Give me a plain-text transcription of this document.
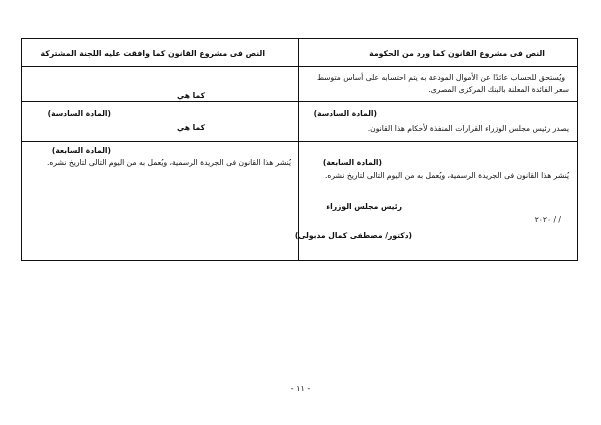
النص فى مشروع القانون كما ورد من الحكومة
النص فى مشروع القانون كما وافقت عليه اللجنة المشتركة
ويُستحق للحساب عائدًا عن الأموال المودعة به يتم احتسابه على أساس متوسط
سعر الفائدة المعلنة بالبنك المركزى المصرى.
كما هي
(المادة السادسة)
يصدر رئيس مجلس الوزراء القرارات المنفذة لأحكام هذا القانون.
(المادة السادسة)
كما هي
(المادة السابعة)
يُنشر هذا القانون فى الجريدة الرسمية، ويُعمل به من اليوم التالى لتاريخ نشره.
رئيس مجلس الوزراء
/ / ٢٠٢٠
(دكتور/ مصطفى كمال مدبولى)
(المادة السابعة)
يُنشر هذا القانون فى الجريدة الرسمية، ويُعمل به من اليوم التالى لتاريخ نشره.
- ١١ -
